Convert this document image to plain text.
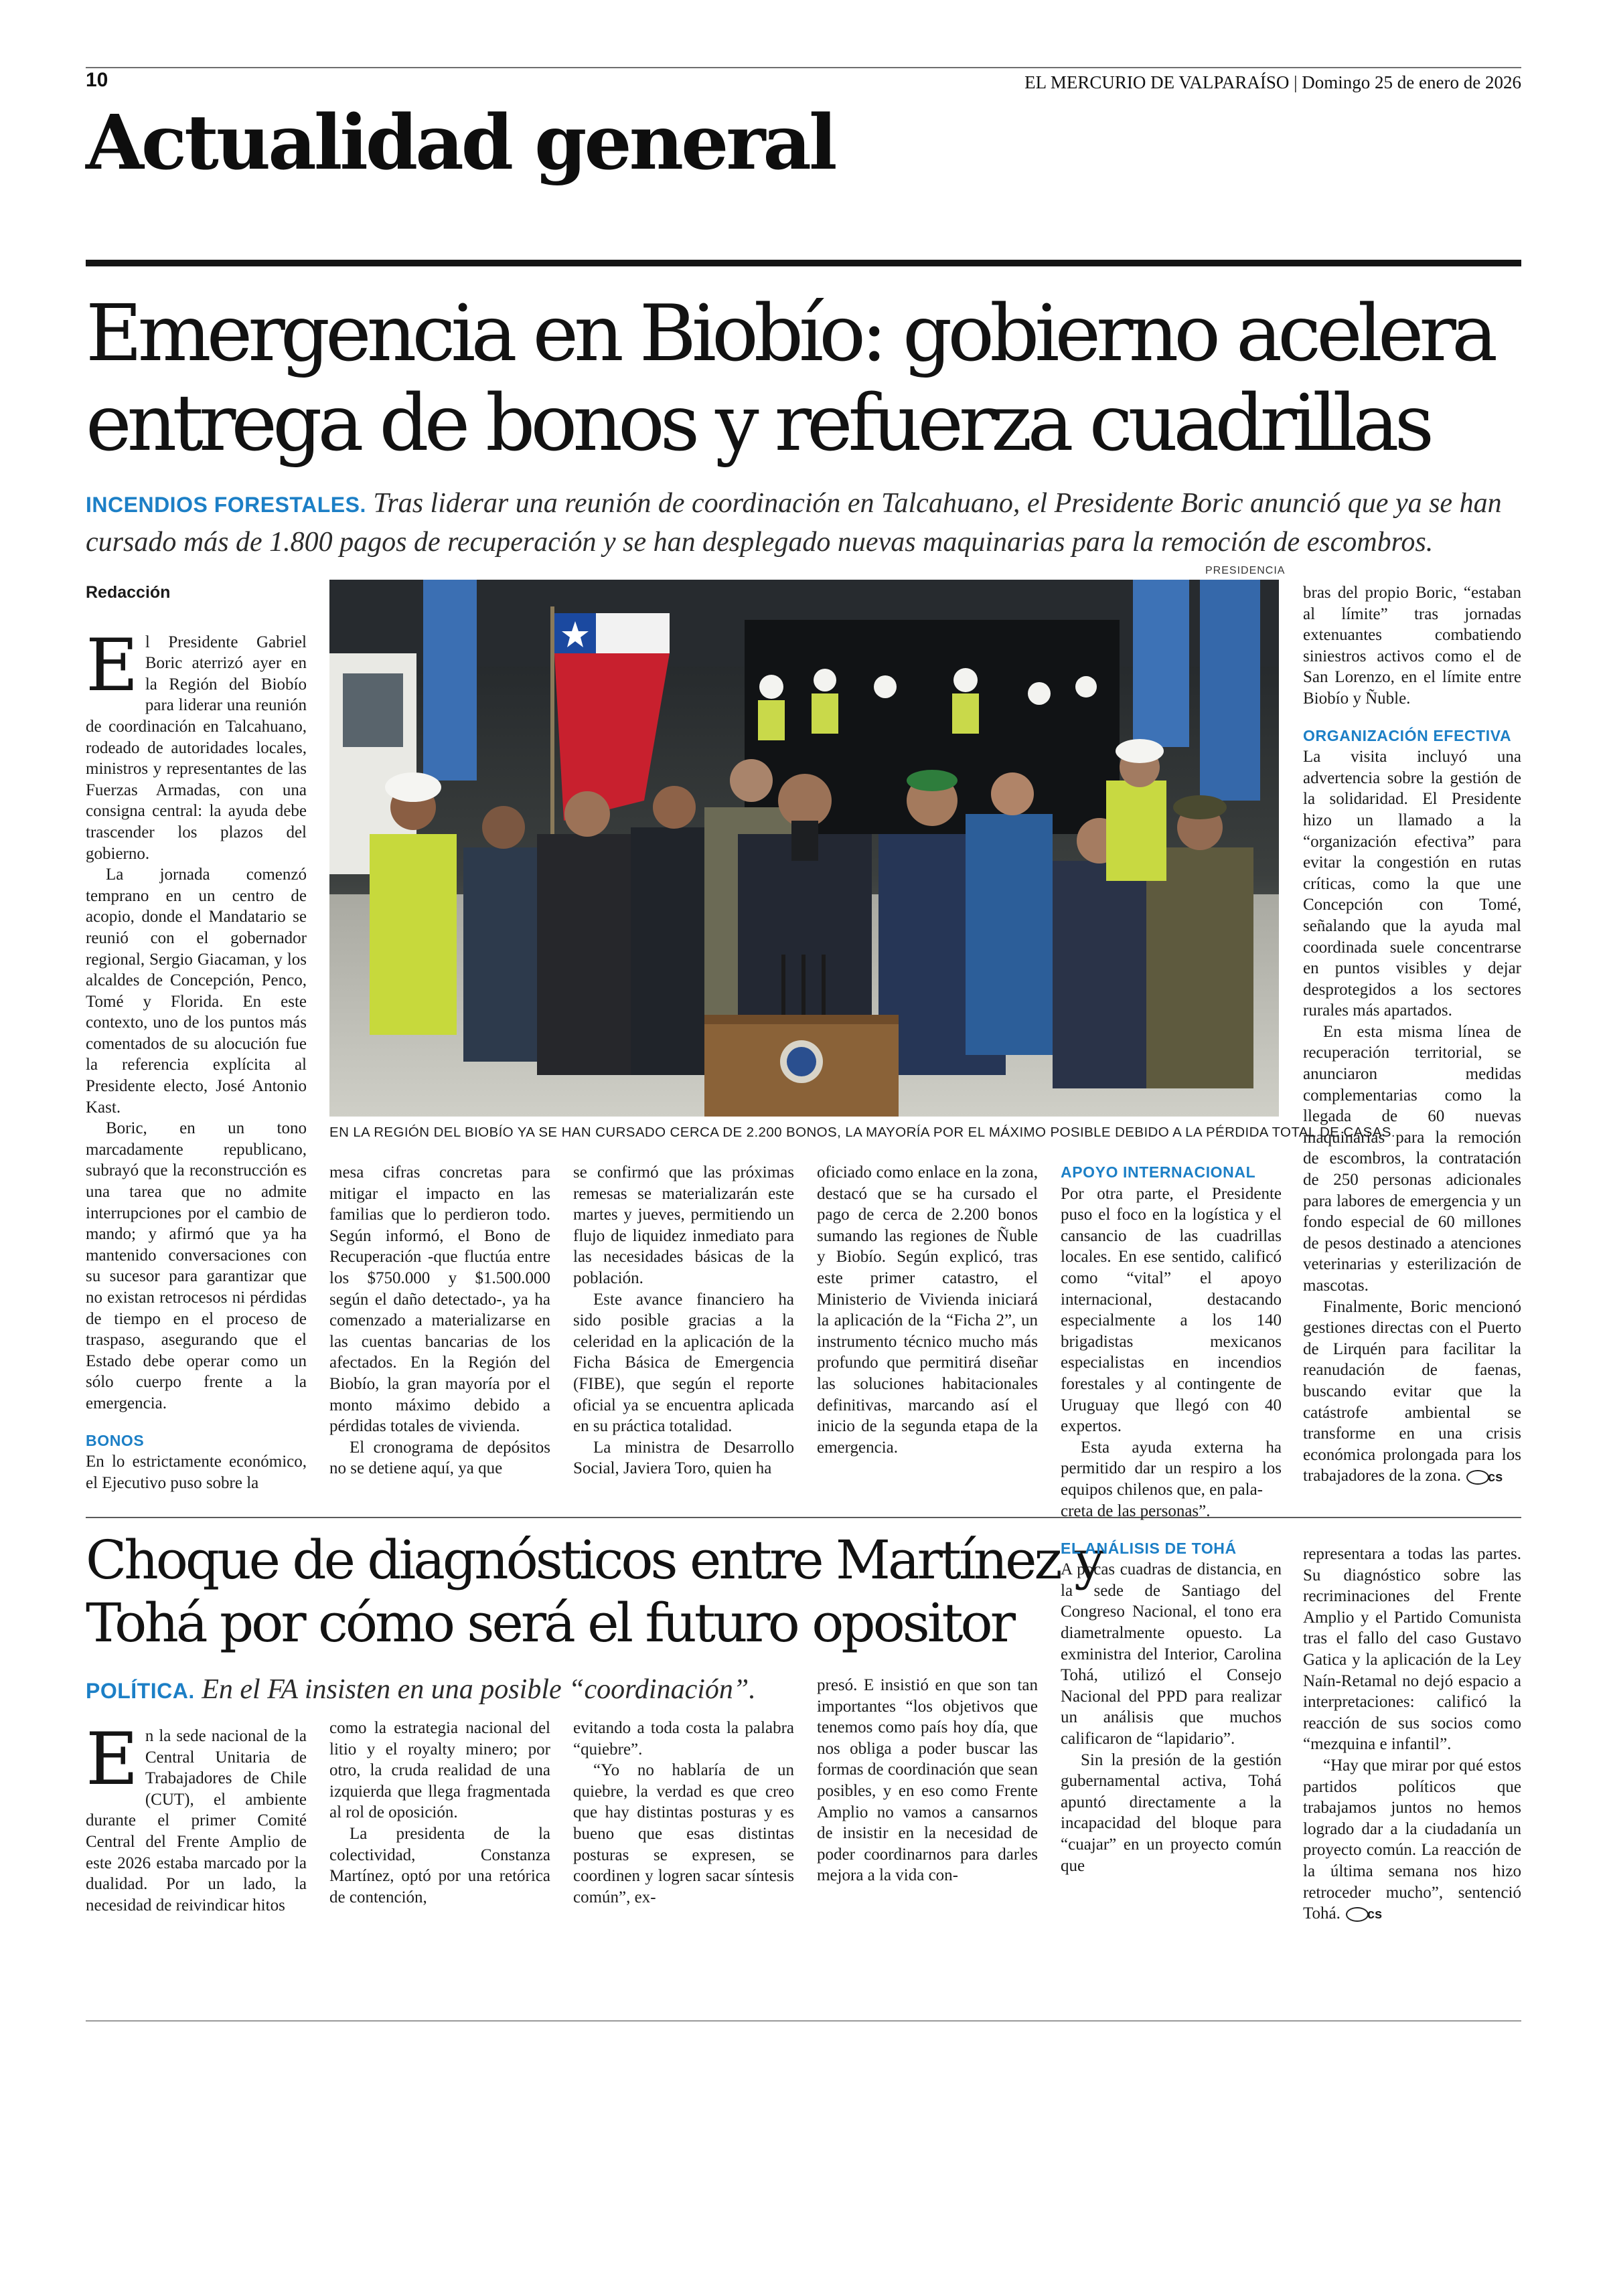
10	EL MERCURIO DE VALPARAÍSO | Domingo 25 de enero de 2026
Actualidad general
Emergencia en Biobío: gobierno acelera
entrega de bonos y refuerza cuadrillas
INCENDIOS FORESTALES. Tras liderar una reunión de coordinación en Talcahuano, el Presidente Boric anunció que ya se han cursado más de 1.800 pagos de recuperación y se han desplegado nuevas maquinarias para la remoción de escombros.
PRESIDENCIA
EN LA REGIÓN DEL BIOBÍO YA SE HAN CURSADO CERCA DE 2.200 BONOS, LA MAYORÍA POR EL MÁXIMO POSIBLE DEBIDO A LA PÉRDIDA TOTAL DE CASAS.

Redacción

El Presidente Gabriel Boric aterrizó ayer en la Región del Biobío para liderar una reunión de coordinación en Talcahuano, rodeado de autoridades locales, ministros y representantes de las Fuerzas Armadas, con una consigna central: la ayuda debe trascender los plazos del gobierno.

La jornada comenzó temprano en un centro de acopio, donde el Mandatario se reunió con el gobernador regional, Sergio Giacaman, y los alcaldes de Concepción, Penco, Tomé y Florida. En este contexto, uno de los puntos más comentados de su alocución fue la referencia explícita al Presidente electo, José Antonio Kast.

Boric, en un tono marcadamente republicano, subrayó que la reconstrucción es una tarea que no admite interrupciones por el cambio de mando; y afirmó que ya ha mantenido conversaciones con su sucesor para garantizar que no existan retrocesos ni pérdidas de tiempo en el proceso de traspaso, asegurando que el Estado debe operar como un sólo cuerpo frente a la emergencia.

BONOS

En lo estrictamente económico, el Ejecutivo puso sobre la

mesa cifras concretas para mitigar el impacto en las familias que lo perdieron todo. Según informó, el Bono de Recuperación -que fluctúa entre los $750.000 y $1.500.000 según el daño detectado-, ya ha comenzado a materializarse en las cuentas bancarias de los afectados. En la Región del Biobío, la gran mayoría por el monto máximo debido a pérdidas totales de vivienda.

El cronograma de depósitos no se detiene aquí, ya que

se confirmó que las próximas remesas se materializarán este martes y jueves, permitiendo un flujo de liquidez inmediato para las necesidades básicas de la población.

Este avance financiero ha sido posible gracias a la celeridad en la aplicación de la Ficha Básica de Emergencia (FIBE), que según el reporte oficial ya se encuentra aplicada en su práctica totalidad.

La ministra de Desarrollo Social, Javiera Toro, quien ha

oficiado como enlace en la zona, destacó que se ha cursado el pago de cerca de 2.200 bonos sumando las regiones de Ñuble y Biobío. Según explicó, tras este primer catastro, el Ministerio de Vivienda iniciará la aplicación de la “Ficha 2”, un instrumento técnico mucho más profundo que permitirá diseñar las soluciones habitacionales definitivas, marcando así el inicio de la segunda etapa de la emergencia.

APOYO INTERNACIONAL

Por otra parte, el Presidente puso el foco en la logística y el cansancio de las cuadrillas locales. En ese sentido, calificó como “vital” el apoyo internacional, destacando especialmente a los 140 brigadistas mexicanos especialistas en incendios forestales y al contingente de Uruguay que llegó con 40 expertos.

Esta ayuda externa ha permitido dar un respiro a los equipos chilenos que, en pala-

bras del propio Boric, “estaban al límite” tras jornadas extenuantes combatiendo siniestros activos como el de San Lorenzo, en el límite entre Biobío y Ñuble.

ORGANIZACIÓN EFECTIVA

La visita incluyó una advertencia sobre la gestión de la solidaridad. El Presidente hizo un llamado a la “organización efectiva” para evitar la congestión en rutas críticas, como la que une Concepción con Tomé, señalando que la ayuda mal coordinada suele concentrarse en puntos visibles y dejar desprotegidos a los sectores rurales más apartados.

En esta misma línea de recuperación territorial, se anunciaron medidas complementarias como la llegada de 60 nuevas maquinarias para la remoción de escombros, la contratación de 250 personas adicionales para labores de emergencia y un fondo especial de 60 millones de pesos destinado a atenciones veterinarias y esterilización de mascotas.

Finalmente, Boric mencionó gestiones directas con el Puerto de Lirquén para facilitar la reanudación de faenas, buscando evitar que la catástrofe ambiental se transforme en una crisis económica prolongada para los trabajadores de la zona. cs

Choque de diagnósticos entre Martínez y
Tohá por cómo será el futuro opositor
POLÍTICA. En el FA insisten en una posible “coordinación”.

En la sede nacional de la Central Unitaria de Trabajadores de Chile (CUT), el ambiente durante el primer Comité Central del Frente Amplio de este 2026 estaba marcado por la dualidad. Por un lado, la necesidad de reivindicar hitos

como la estrategia nacional del litio y el royalty minero; por otro, la cruda realidad de una izquierda que llega fragmentada al rol de oposición.

La presidenta de la colectividad, Constanza Martínez, optó por una retórica de contención,

evitando a toda costa la palabra “quiebre”.

“Yo no hablaría de un quiebre, la verdad es que creo que hay distintas posturas y es bueno que esas distintas posturas se expresen, se coordinen y logren sacar síntesis común”, ex-

presó. E insistió en que son tan importantes “los objetivos que tenemos como país hoy día, que nos obliga a poder buscar las formas de coordinación que sean posibles, y en eso como Frente Amplio no vamos a cansarnos de insistir en la necesidad de poder coordinarnos para darles mejora a la vida con-

creta de las personas”.

EL ANÁLISIS DE TOHÁ

A pocas cuadras de distancia, en la sede de Santiago del Congreso Nacional, el tono era diametralmente opuesto. La exministra del Interior, Carolina Tohá, utilizó el Consejo Nacional del PPD para realizar un análisis que muchos calificaron de “lapidario”.

Sin la presión de la gestión gubernamental activa, Tohá apuntó directamente a la incapacidad del bloque para “cuajar” en un proyecto común que

representara a todas las partes. Su diagnóstico sobre las recriminaciones del Frente Amplio y el Partido Comunista tras el fallo del caso Gustavo Gatica y la aplicación de la Ley Naín-Retamal no dejó espacio a interpretaciones: calificó la reacción de sus socios como “mezquina e infantil”.

“Hay que mirar por qué estos partidos políticos que trabajamos juntos no hemos logrado dar a la ciudadanía un proyecto común. La reacción de la última semana nos hizo retroceder mucho”, sentenció Tohá. cs
